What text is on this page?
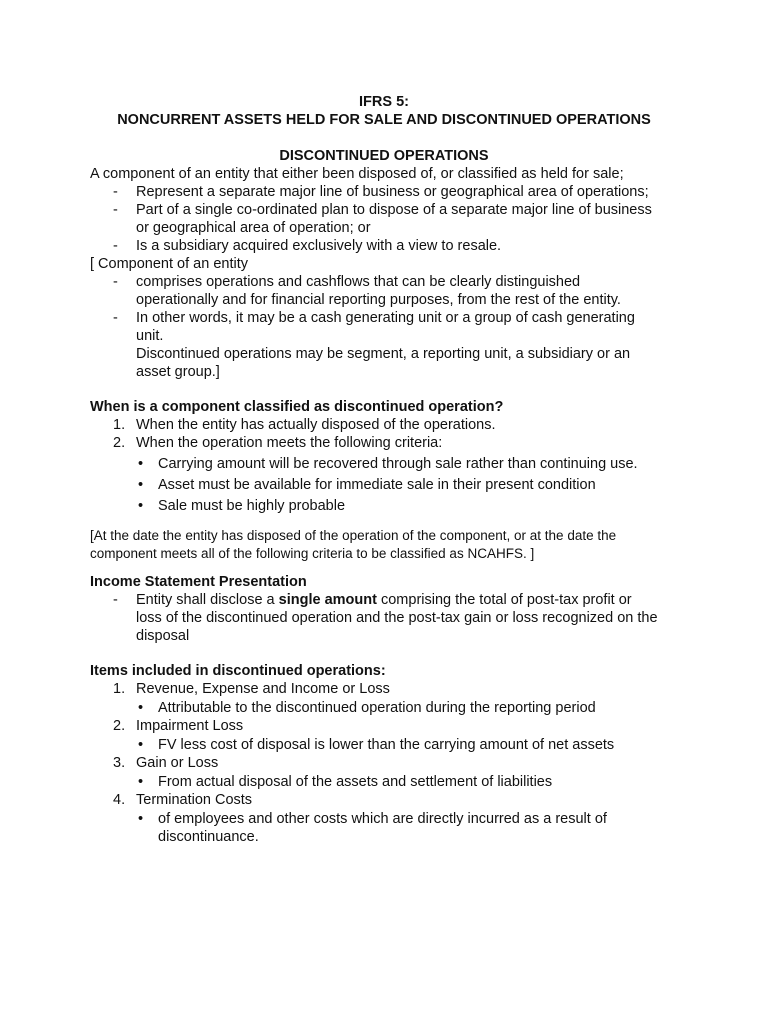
IFRS 5:
NONCURRENT ASSETS HELD FOR SALE AND DISCONTINUED OPERATIONS
DISCONTINUED OPERATIONS
A component of an entity that either been disposed of, or classified as held for sale;
- Represent a separate major line of business or geographical area of operations;
- Part of a single co-ordinated plan to dispose of a separate major line of business
or geographical area of operation; or
- Is a subsidiary acquired exclusively with a view to resale.
[ Component of an entity
- comprises operations and cashflows that can be clearly distinguished
operationally and for financial reporting purposes, from the rest of the entity.
- In other words, it may be a cash generating unit or a group of cash generating
unit.
Discontinued operations may be segment, a reporting unit, a subsidiary or an
asset group.]
When is a component classified as discontinued operation?
1. When the entity has actually disposed of the operations.
2. When the operation meets the following criteria:
• Carrying amount will be recovered through sale rather than continuing use.
• Asset must be available for immediate sale in their present condition
• Sale must be highly probable
[At the date the entity has disposed of the operation of the component, or at the date the
component meets all of the following criteria to be classified as NCAHFS. ]
Income Statement Presentation
- Entity shall disclose a single amount comprising the total of post-tax profit or
loss of the discontinued operation and the post-tax gain or loss recognized on the
disposal
Items included in discontinued operations:
1. Revenue, Expense and Income or Loss
• Attributable to the discontinued operation during the reporting period
2. Impairment Loss
• FV less cost of disposal is lower than the carrying amount of net assets
3. Gain or Loss
• From actual disposal of the assets and settlement of liabilities
4. Termination Costs
• of employees and other costs which are directly incurred as a result of
discontinuance.
